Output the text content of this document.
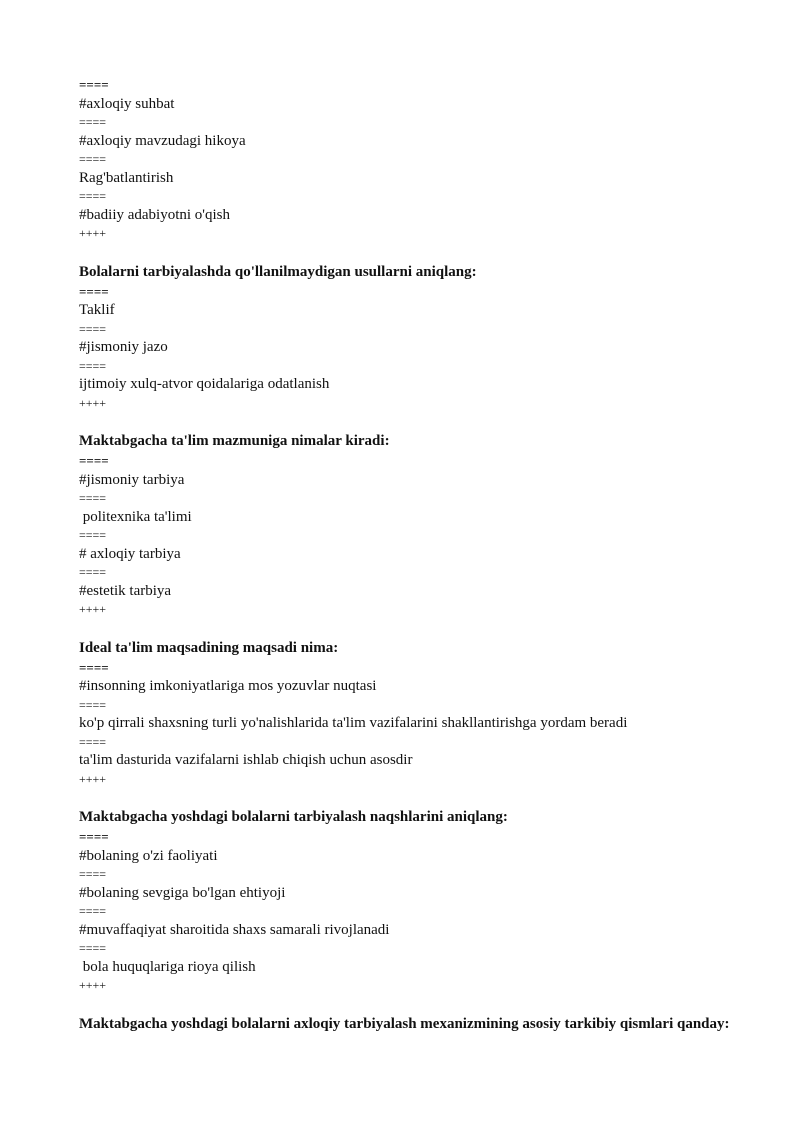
====
#axloqiy suhbat
====
#axloqiy mavzudagi hikoya
====
Rag'batlantirish
====
#badiiy adabiyotni o'qish
++++

Bolalarni tarbiyalashda qo'llanilmaydigan usullarni aniqlang:

====
Taklif
====
#jismoniy jazo
====
ijtimoiy xulq-atvor qoidalariga odatlanish
++++

Maktabgacha ta'lim mazmuniga nimalar kiradi:

====
#jismoniy tarbiya
====
politexnika ta'limi
====
# axloqiy tarbiya
====
#estetik tarbiya
++++

Ideal ta'lim maqsadining maqsadi nima:

====
#insonning imkoniyatlariga mos yozuvlar nuqtasi
====
ko'p qirrali shaxsning turli yo'nalishlarida ta'lim vazifalarini shakllantirishga yordam beradi
====
ta'lim dasturida vazifalarni ishlab chiqish uchun asosdir
++++

Maktabgacha yoshdagi bolalarni tarbiyalash naqshlarini aniqlang:

====
#bolaning o'zi faoliyati
====
#bolaning sevgiga bo'lgan ehtiyoji
====
#muvaffaqiyat sharoitida shaxs samarali rivojlanadi
====
bola huquqlariga rioya qilish
++++

Maktabgacha yoshdagi bolalarni axloqiy tarbiyalash mexanizmining asosiy tarkibiy qismlari qanday:
